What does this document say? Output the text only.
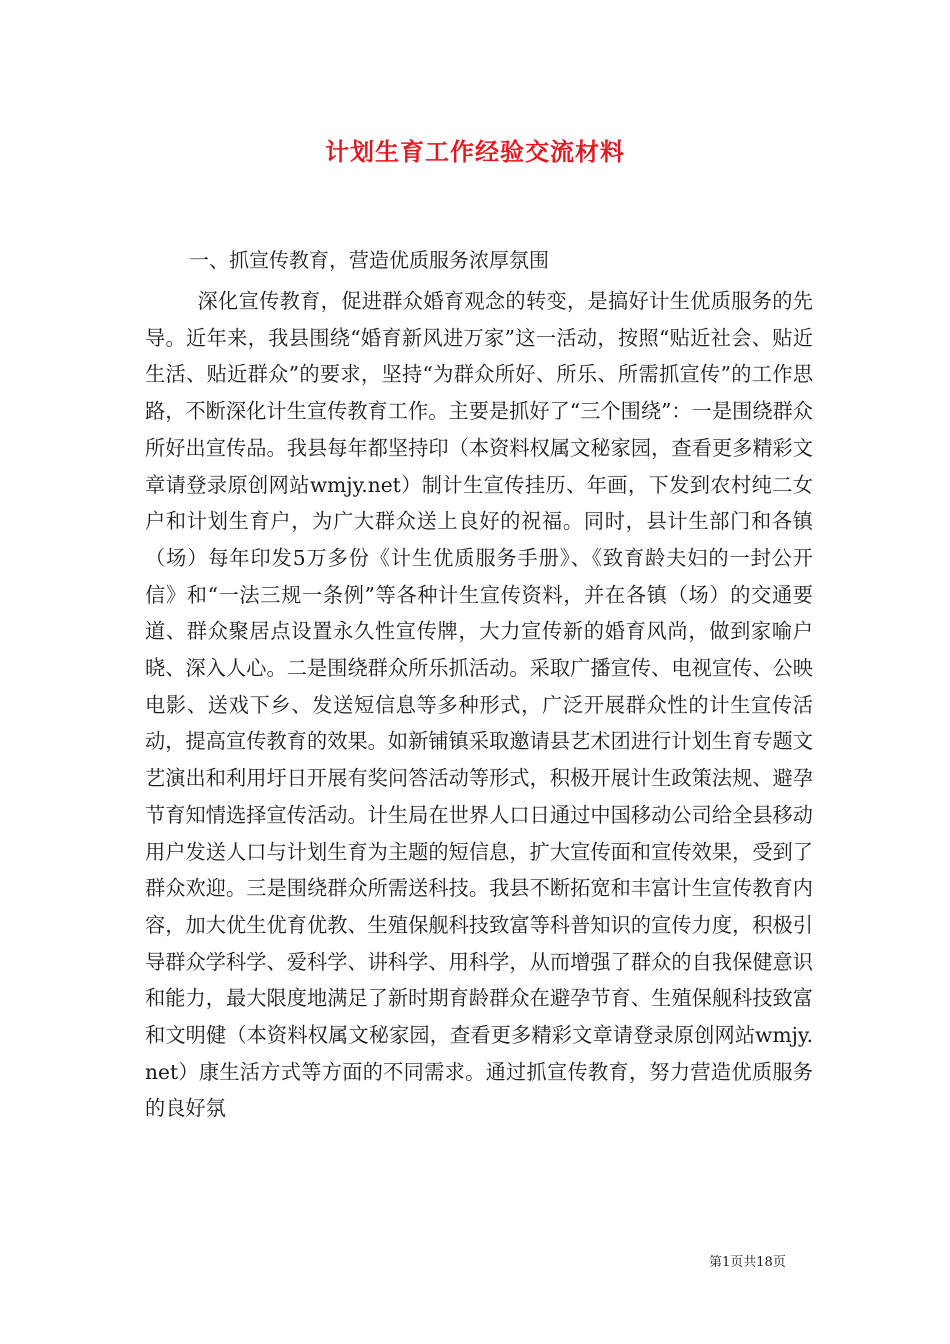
计划生育工作经验交流材料
一、抓宣传教育，营造优质服务浓厚氛围

深化宣传教育，促进群众婚育观念的转变，是搞好计生优质服务的先导。近年来，我县围绕“婚育新风进万家”这一活动，按照“贴近社会、贴近生活、贴近群众”的要求，坚持“为群众所好、所乐、所需抓宣传”的工作思路，不断深化计生宣传教育工作。主要是抓好了“三个围绕”：一是围绕群众所好出宣传品。我县每年都坚持印（本资料权属文秘家园，查看更多精彩文章请登录原创网站wmjy.net）制计生宣传挂历、年画，下发到农村纯二女户和计划生育户，为广大群众送上良好的祝福。同时，县计生部门和各镇（场）每年印发5万多份《计生优质服务手册》、《致育龄夫妇的一封公开信》和“一法三规一条例”等各种计生宣传资料，并在各镇（场）的交通要道、群众聚居点设置永久性宣传牌，大力宣传新的婚育风尚，做到家喻户晓、深入人心。二是围绕群众所乐抓活动。采取广播宣传、电视宣传、公映电影、送戏下乡、发送短信息等多种形式，广泛开展群众性的计生宣传活动，提高宣传教育的效果。如新铺镇采取邀请县艺术团进行计划生育专题文艺演出和利用圩日开展有奖问答活动等形式，积极开展计生政策法规、避孕节育知情选择宣传活动。计生局在世界人口日通过中国移动公司给全县移动用户发送人口与计划生育为主题的短信息，扩大宣传面和宣传效果，受到了群众欢迎。三是围绕群众所需送科技。我县不断拓宽和丰富计生宣传教育内容，加大优生优育优教、生殖保舰科技致富等科普知识的宣传力度，积极引导群众学科学、爱科学、讲科学、用科学，从而增强了群众的自我保健意识和能力，最大限度地满足了新时期育龄群众在避孕节育、生殖保舰科技致富和文明健（本资料权属文秘家园，查看更多精彩文章请登录原创网站wmjy.net）康生活方式等方面的不同需求。通过抓宣传教育，努力营造优质服务的良好氛

第1页共18页
